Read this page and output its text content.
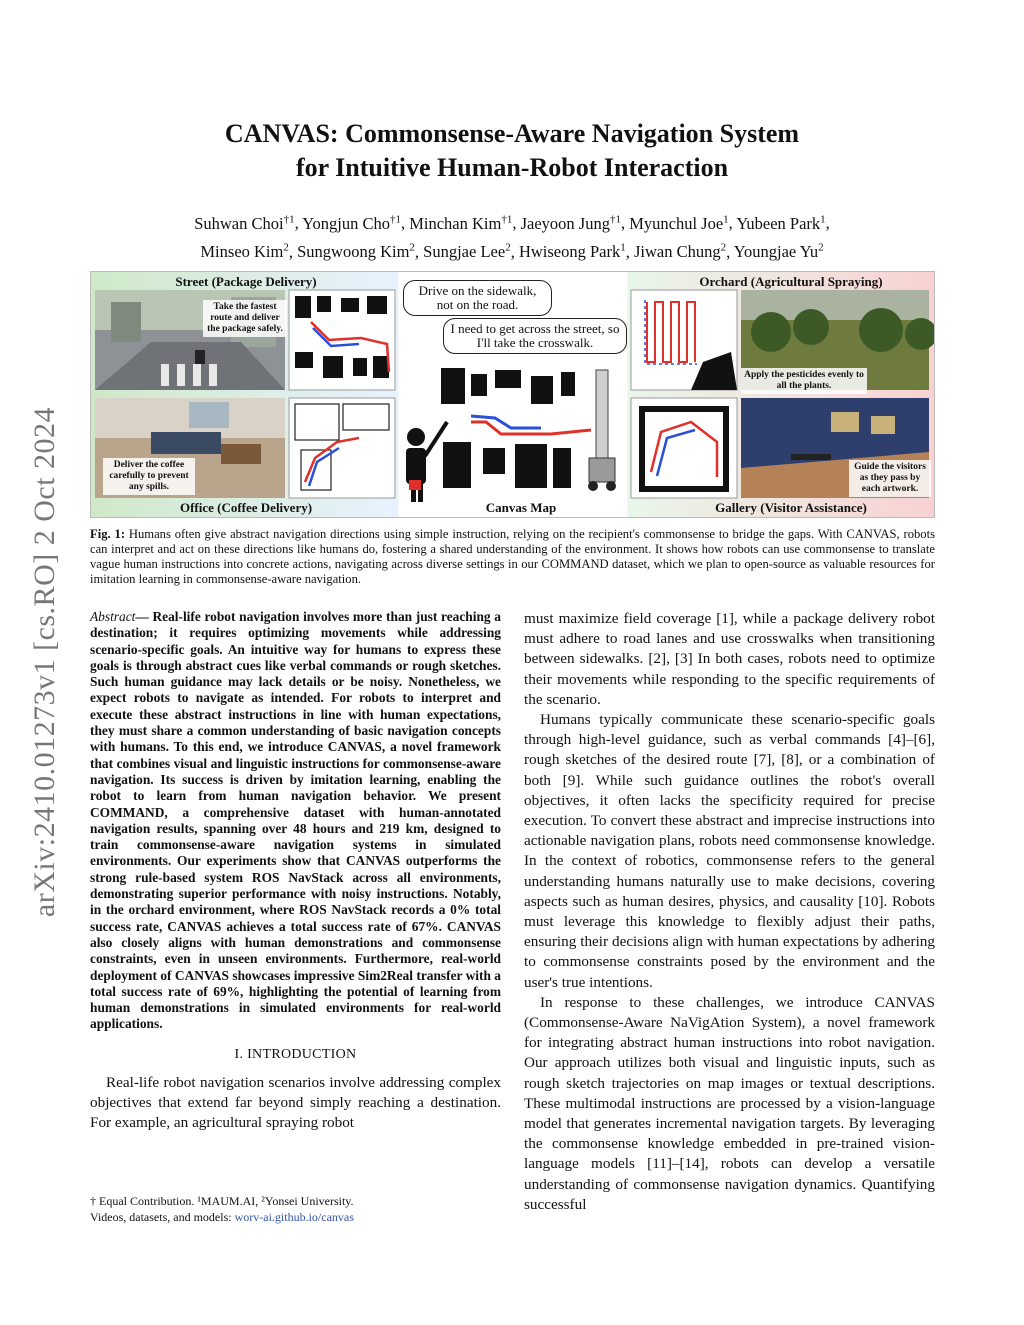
arXiv:2410.01273v1 [cs.RO] 2 Oct 2024
CANVAS: Commonsense-Aware Navigation System
for Intuitive Human-Robot Interaction
Suhwan Choi$^{\dagger 1}$, Yongjun Cho$^{\dagger 1}$, Minchan Kim$^{\dagger 1}$, Jaeyoon Jung$^{\dagger 1}$, Myunchul Joe$^1$, Yubeen Park$^1$,
Minseo Kim$^2$, Sungwoong Kim$^2$, Sungjae Lee$^2$, Hwiseong Park$^1$, Jiwan Chung$^2$, Youngjae Yu$^2$
Street (Package Delivery)
Take the fastest route and deliver the package safely.
Office (Coffee Delivery)
Deliver the coffee carefully to prevent any spills.
Drive on the sidewalk, not on the road.
I need to get across the street, so I'll take the crosswalk.
Canvas Map
Orchard (Agricultural Spraying)
Apply the pesticides evenly to all the plants.
Gallery (Visitor Assistance)
Guide the visitors as they pass by each artwork.
Fig. 1: Humans often give abstract navigation directions using simple instruction, relying on the recipient's commonsense to bridge the gaps. With CANVAS, robots can interpret and act on these directions like humans do, fostering a shared understanding of the environment. It shows how robots can use commonsense to translate vague human instructions into concrete actions, navigating across diverse settings in our COMMAND dataset, which we plan to open-source as valuable resources for imitation learning in commonsense-aware navigation.
Abstract— Real-life robot navigation involves more than just reaching a destination; it requires optimizing movements while addressing scenario-specific goals. An intuitive way for humans to express these goals is through abstract cues like verbal commands or rough sketches. Such human guidance may lack details or be noisy. Nonetheless, we expect robots to navigate as intended. For robots to interpret and execute these abstract instructions in line with human expectations, they must share a common understanding of basic navigation concepts with humans. To this end, we introduce CANVAS, a novel framework that combines visual and linguistic instructions for commonsense-aware navigation. Its success is driven by imitation learning, enabling the robot to learn from human navigation behavior. We present COMMAND, a comprehensive dataset with human-annotated navigation results, spanning over 48 hours and 219 km, designed to train commonsense-aware navigation systems in simulated environments. Our experiments show that CANVAS outperforms the strong rule-based system ROS NavStack across all environments, demonstrating superior performance with noisy instructions. Notably, in the orchard environment, where ROS NavStack records a 0% total success rate, CANVAS achieves a total success rate of 67%. CANVAS also closely aligns with human demonstrations and commonsense constraints, even in unseen environments. Furthermore, real-world deployment of CANVAS showcases impressive Sim2Real transfer with a total success rate of 69%, highlighting the potential of learning from human demonstrations in simulated environments for real-world applications.
I. INTRODUCTION

Real-life robot navigation scenarios involve addressing complex objectives that extend far beyond simply reaching a destination. For example, an agricultural spraying robot

† Equal Contribution. ¹MAUM.AI, ²Yonsei University.
Videos, datasets, and models: worv-ai.github.io/canvas

must maximize field coverage [1], while a package delivery robot must adhere to road lanes and use crosswalks when transitioning between sidewalks. [2], [3] In both cases, robots need to optimize their movements while responding to the specific requirements of the scenario.

Humans typically communicate these scenario-specific goals through high-level guidance, such as verbal commands [4]–[6], rough sketches of the desired route [7], [8], or a combination of both [9]. While such guidance outlines the robot's overall objectives, it often lacks the specificity required for precise execution. To convert these abstract and imprecise instructions into actionable navigation plans, robots need commonsense knowledge. In the context of robotics, commonsense refers to the general understanding humans naturally use to make decisions, covering aspects such as human desires, physics, and causality [10]. Robots must leverage this knowledge to flexibly adjust their paths, ensuring their decisions align with human expectations by adhering to commonsense constraints posed by the environment and the user's true intentions.

In response to these challenges, we introduce CANVAS (Commonsense-Aware NaVigAtion System), a novel framework for integrating abstract human instructions into robot navigation. Our approach utilizes both visual and linguistic inputs, such as rough sketch trajectories on map images or textual descriptions. These multimodal instructions are processed by a vision-language model that generates incremental navigation targets. By leveraging the commonsense knowledge embedded in pre-trained vision-language models [11]–[14], robots can develop a versatile understanding of commonsense navigation dynamics. Quantifying successful
